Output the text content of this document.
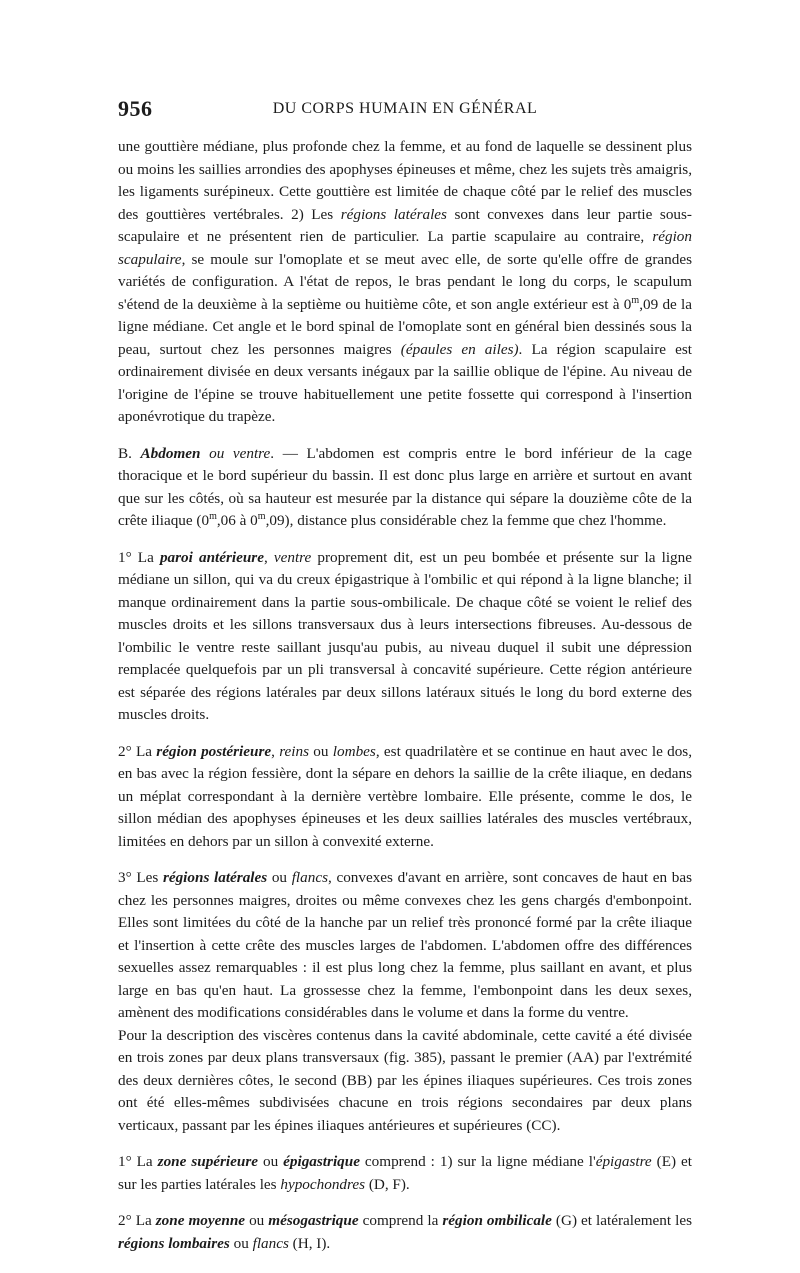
956	DU CORPS HUMAIN EN GÉNÉRAL

une gouttière médiane, plus profonde chez la femme, et au fond de laquelle se dessinent plus ou moins les saillies arrondies des apophyses épineuses et même, chez les sujets très amaigris, les ligaments surépineux. Cette gouttière est limitée de chaque côté par le relief des muscles des gouttières vertébrales. 2) Les régions latérales sont convexes dans leur partie sous-scapulaire et ne présentent rien de particulier. La partie scapulaire au contraire, région scapulaire, se moule sur l'omoplate et se meut avec elle, de sorte qu'elle offre de grandes variétés de configuration. A l'état de repos, le bras pendant le long du corps, le scapulum s'étend de la deuxième à la septième ou huitième côte, et son angle extérieur est à 0$^m$,09 de la ligne médiane. Cet angle et le bord spinal de l'omoplate sont en général bien dessinés sous la peau, surtout chez les personnes maigres (épaules en ailes). La région scapulaire est ordinairement divisée en deux versants inégaux par la saillie oblique de l'épine. Au niveau de l'origine de l'épine se trouve habituellement une petite fossette qui correspond à l'insertion aponévrotique du trapèze.

B. Abdomen ou ventre. — L'abdomen est compris entre le bord inférieur de la cage thoracique et le bord supérieur du bassin. Il est donc plus large en arrière et surtout en avant que sur les côtés, où sa hauteur est mesurée par la distance qui sépare la douzième côte de la crête iliaque (0$^m$,06 à 0$^m$,09), distance plus considérable chez la femme que chez l'homme.

1° La paroi antérieure, ventre proprement dit, est un peu bombée et présente sur la ligne médiane un sillon, qui va du creux épigastrique à l'ombilic et qui répond à la ligne blanche; il manque ordinairement dans la partie sous-ombilicale. De chaque côté se voient le relief des muscles droits et les sillons transversaux dus à leurs intersections fibreuses. Au-dessous de l'ombilic le ventre reste saillant jusqu'au pubis, au niveau duquel il subit une dépression remplacée quelquefois par un pli transversal à concavité supérieure. Cette région antérieure est séparée des régions latérales par deux sillons latéraux situés le long du bord externe des muscles droits.

2° La région postérieure, reins ou lombes, est quadrilatère et se continue en haut avec le dos, en bas avec la région fessière, dont la sépare en dehors la saillie de la crête iliaque, en dedans un méplat correspondant à la dernière vertèbre lombaire. Elle présente, comme le dos, le sillon médian des apophyses épineuses et les deux saillies latérales des muscles vertébraux, limitées en dehors par un sillon à convexité externe.

3° Les régions latérales ou flancs, convexes d'avant en arrière, sont concaves de haut en bas chez les personnes maigres, droites ou même convexes chez les gens chargés d'embonpoint. Elles sont limitées du côté de la hanche par un relief très prononcé formé par la crête iliaque et l'insertion à cette crête des muscles larges de l'abdomen. L'abdomen offre des différences sexuelles assez remarquables : il est plus long chez la femme, plus saillant en avant, et plus large en bas qu'en haut. La grossesse chez la femme, l'embonpoint dans les deux sexes, amènent des modifications considérables dans le volume et dans la forme du ventre.

Pour la description des viscères contenus dans la cavité abdominale, cette cavité a été divisée en trois zones par deux plans transversaux (fig. 385), passant le premier (AA) par l'extrémité des deux dernières côtes, le second (BB) par les épines iliaques supérieures. Ces trois zones ont été elles-mêmes subdivisées chacune en trois régions secondaires par deux plans verticaux, passant par les épines iliaques antérieures et supérieures (CC).

1° La zone supérieure ou épigastrique comprend : 1) sur la ligne médiane l'épigastre (E) et sur les parties latérales les hypochondres (D, F).

2° La zone moyenne ou mésogastrique comprend la région ombilicale (G) et latéralement les régions lombaires ou flancs (H, I).
